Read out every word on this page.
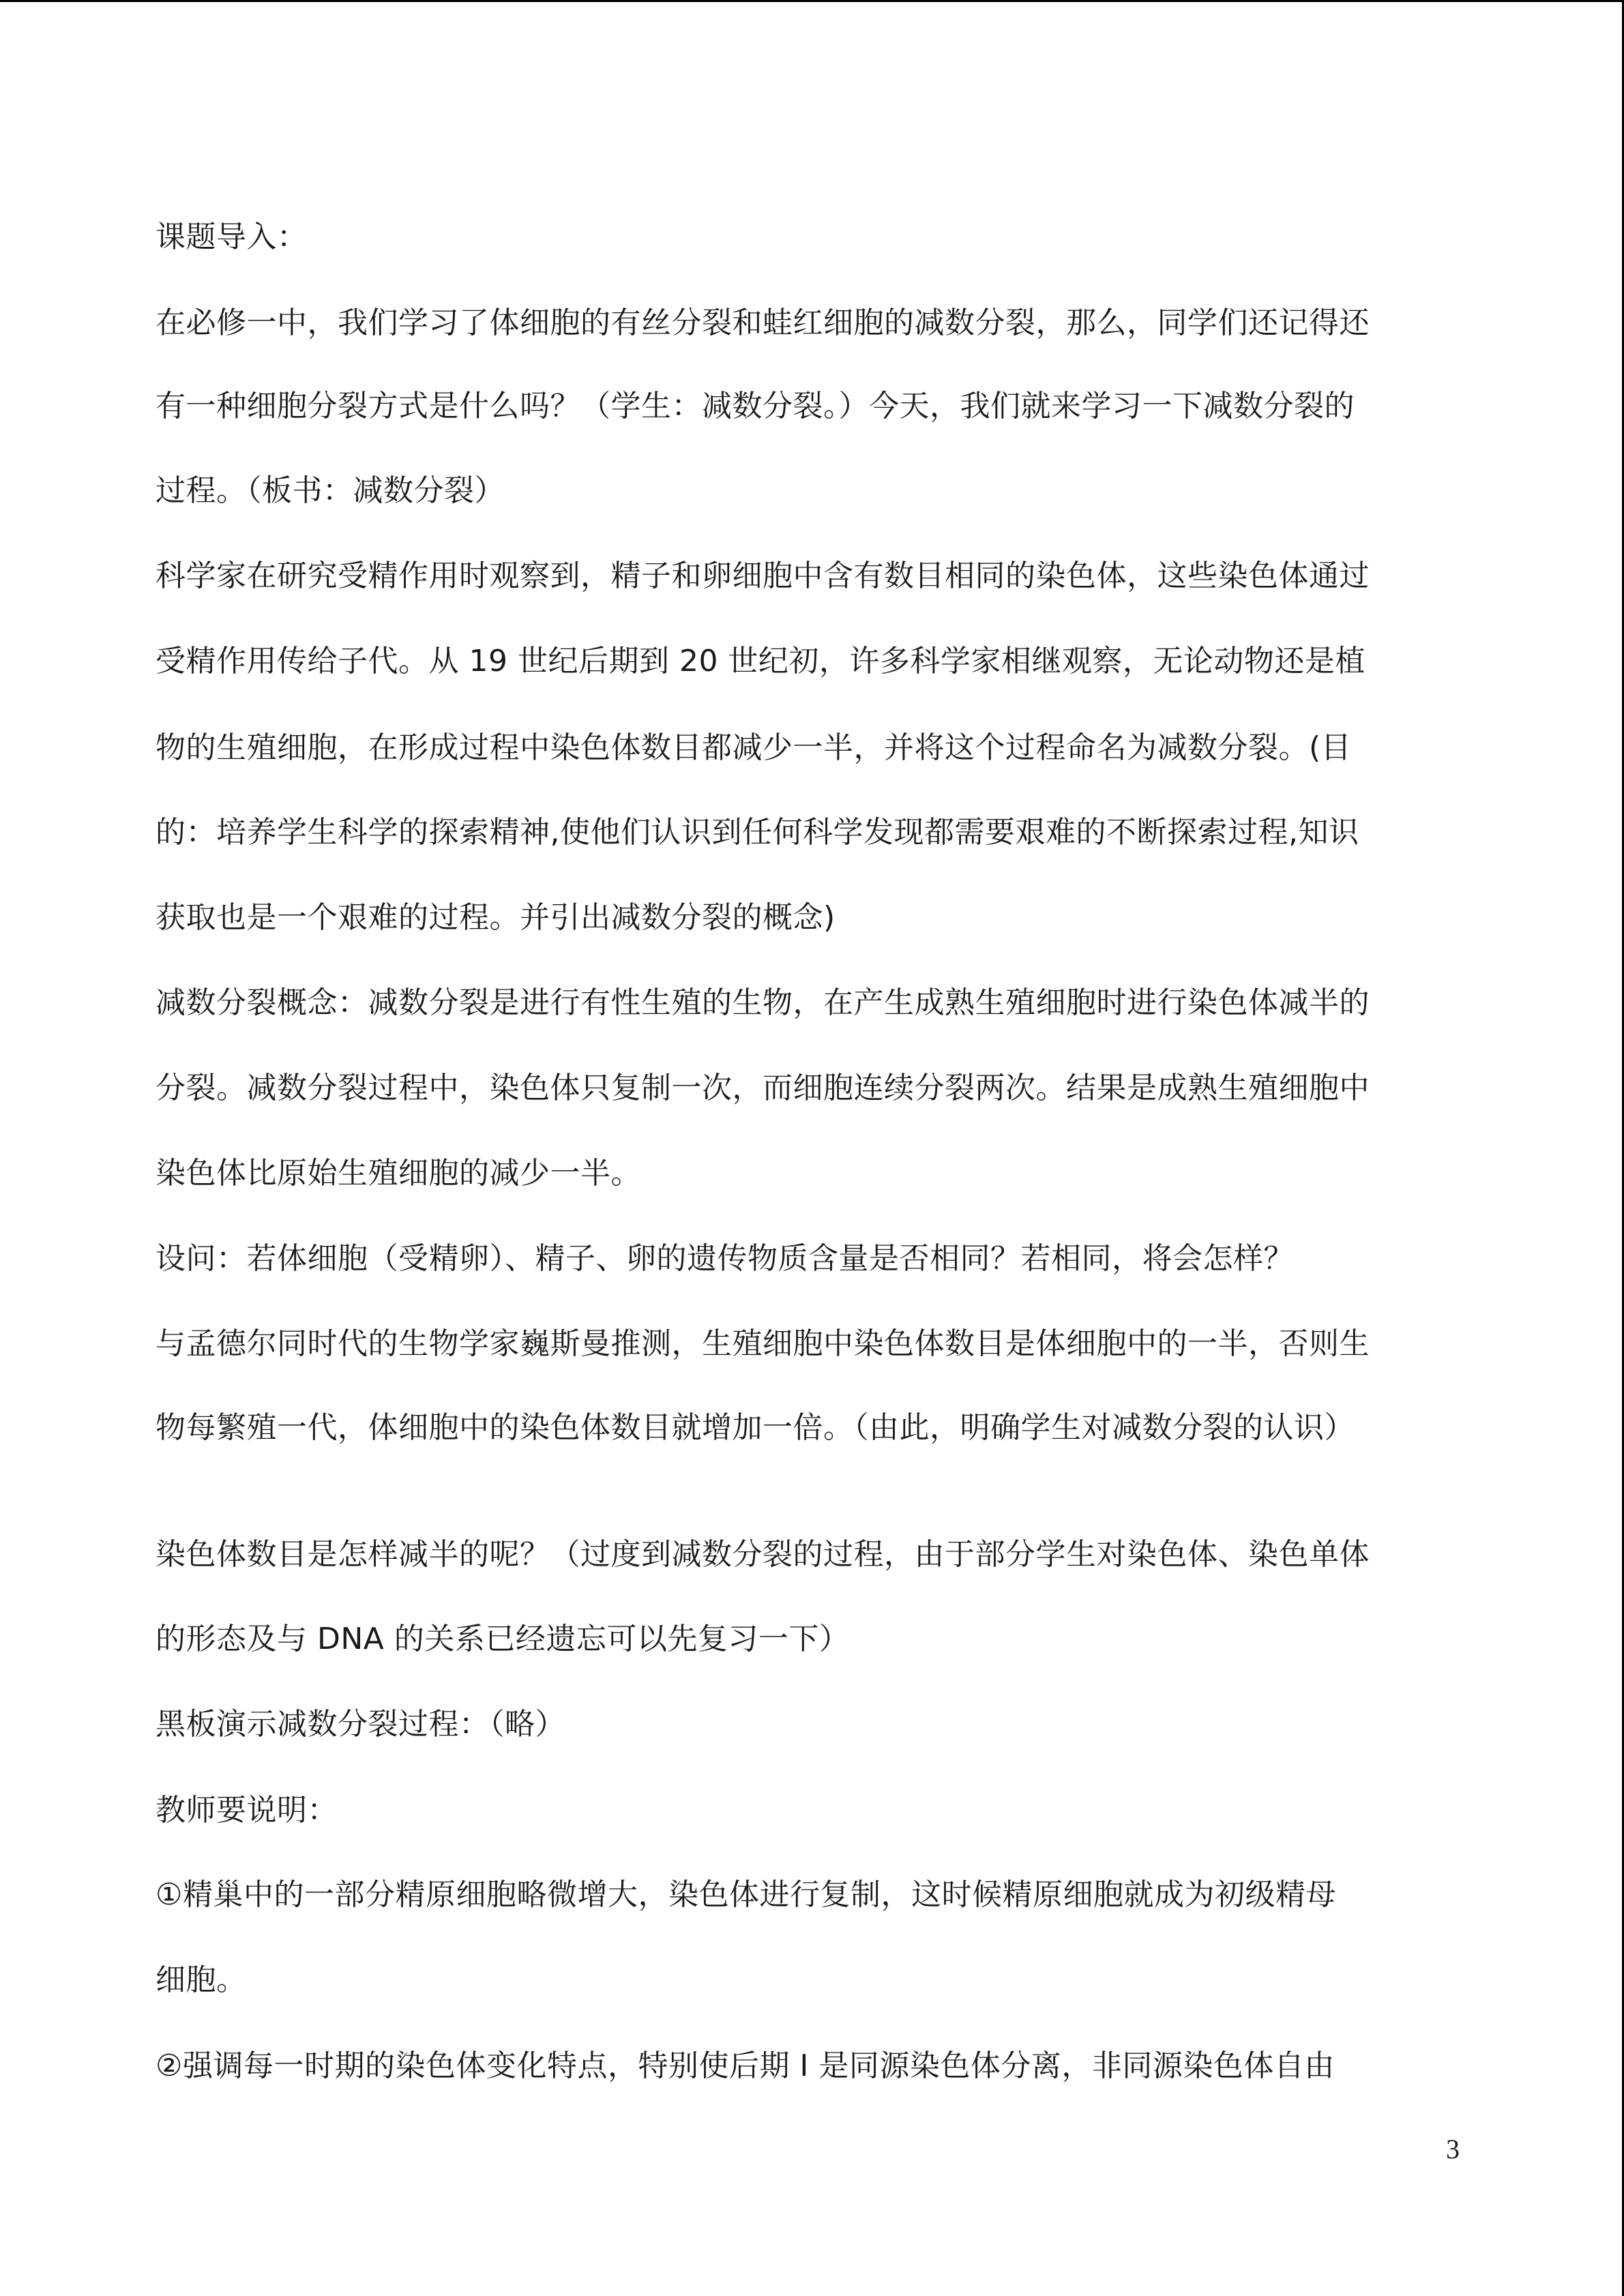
课题导入：
在必修一中，我们学习了体细胞的有丝分裂和蛙红细胞的减数分裂，那么，同学们还记得还
有一种细胞分裂方式是什么吗？（学生：减数分裂。）今天，我们就来学习一下减数分裂的
过程。（板书：减数分裂）
科学家在研究受精作用时观察到，精子和卵细胞中含有数目相同的染色体，这些染色体通过
受精作用传给子代。从 19 世纪后期到 20 世纪初，许多科学家相继观察，无论动物还是植
物的生殖细胞，在形成过程中染色体数目都减少一半，并将这个过程命名为减数分裂。(目
的：培养学生科学的探索精神,使他们认识到任何科学发现都需要艰难的不断探索过程,知识
获取也是一个艰难的过程。并引出减数分裂的概念)
减数分裂概念：减数分裂是进行有性生殖的生物，在产生成熟生殖细胞时进行染色体减半的
分裂。减数分裂过程中，染色体只复制一次，而细胞连续分裂两次。结果是成熟生殖细胞中
染色体比原始生殖细胞的减少一半。
设问：若体细胞（受精卵）、精子、卵的遗传物质含量是否相同？若相同，将会怎样？
与孟德尔同时代的生物学家巍斯曼推测，生殖细胞中染色体数目是体细胞中的一半，否则生
物每繁殖一代，体细胞中的染色体数目就增加一倍。（由此，明确学生对减数分裂的认识）
染色体数目是怎样减半的呢？（过度到减数分裂的过程，由于部分学生对染色体、染色单体
的形态及与 DNA 的关系已经遗忘可以先复习一下）
黑板演示减数分裂过程：（略）
教师要说明：
①精巢中的一部分精原细胞略微增大，染色体进行复制，这时候精原细胞就成为初级精母
细胞。
②强调每一时期的染色体变化特点，特别使后期 I 是同源染色体分离，非同源染色体自由
3
